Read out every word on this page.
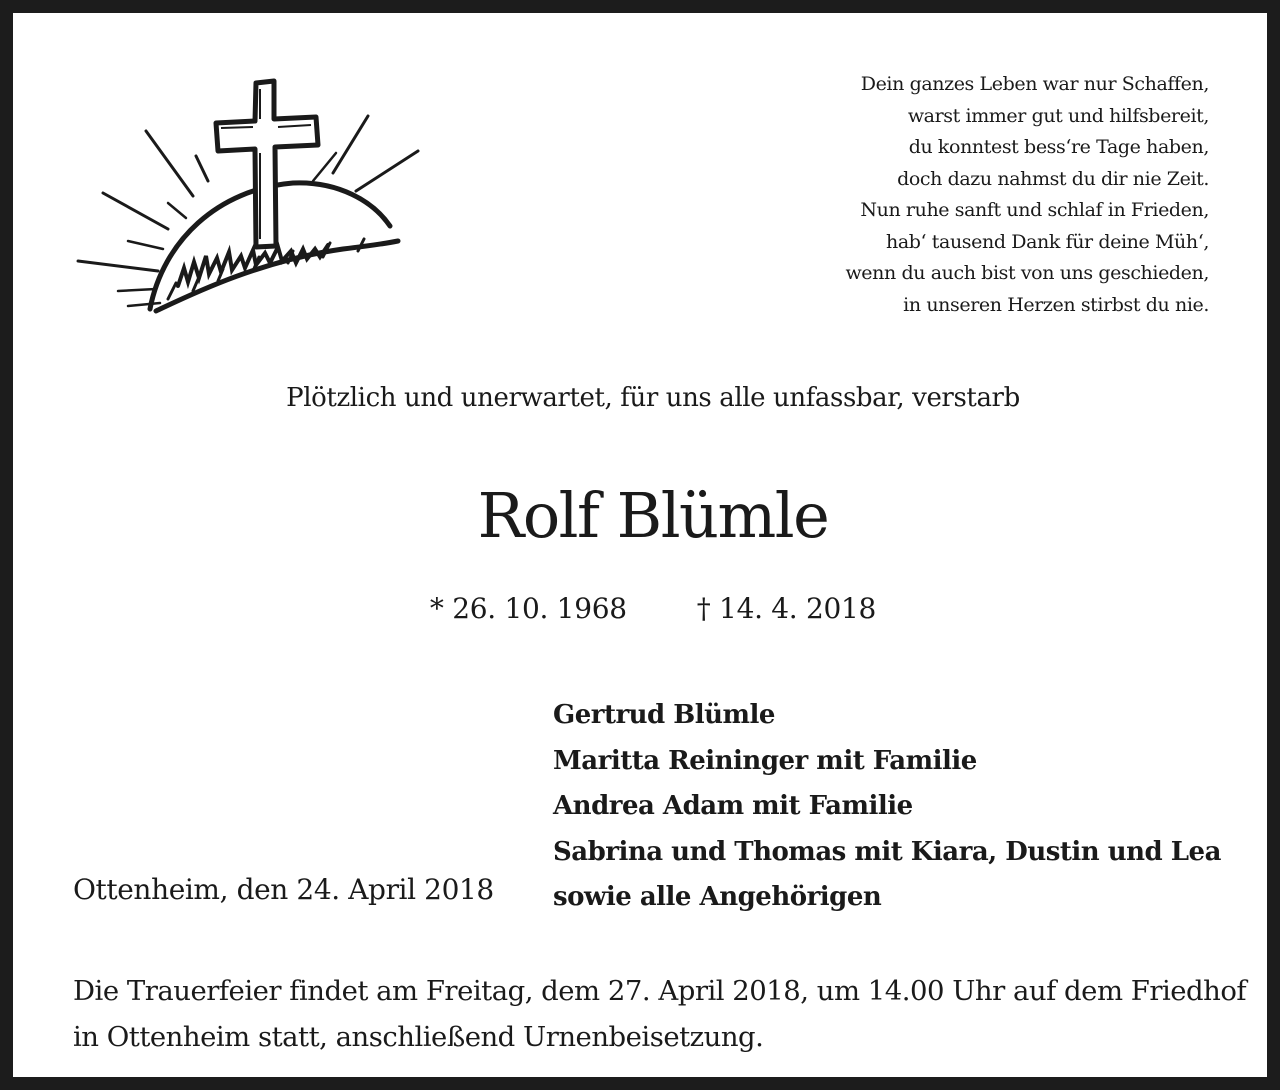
Dein ganzes Leben war nur Schaffen,
warst immer gut und hilfsbereit,
du konntest bess‘re Tage haben,
doch dazu nahmst du dir nie Zeit.
Nun ruhe sanft und schlaf in Frieden,
hab‘ tausend Dank für deine Müh‘,
wenn du auch bist von uns geschieden,
in unseren Herzen stirbst du nie.
Plötzlich und unerwartet, für uns alle unfassbar, verstarb
Rolf Blümle
* 26. 10. 1968	† 14. 4. 2018
Gertrud Blümle
Maritta Reininger mit Familie
Andrea Adam mit Familie
Sabrina und Thomas mit Kiara, Dustin und Lea
sowie alle Angehörigen
Ottenheim, den 24. April 2018
Die Trauerfeier findet am Freitag, dem 27. April 2018, um 14.00 Uhr auf dem Friedhof
in Ottenheim statt, anschließend Urnenbeisetzung.
